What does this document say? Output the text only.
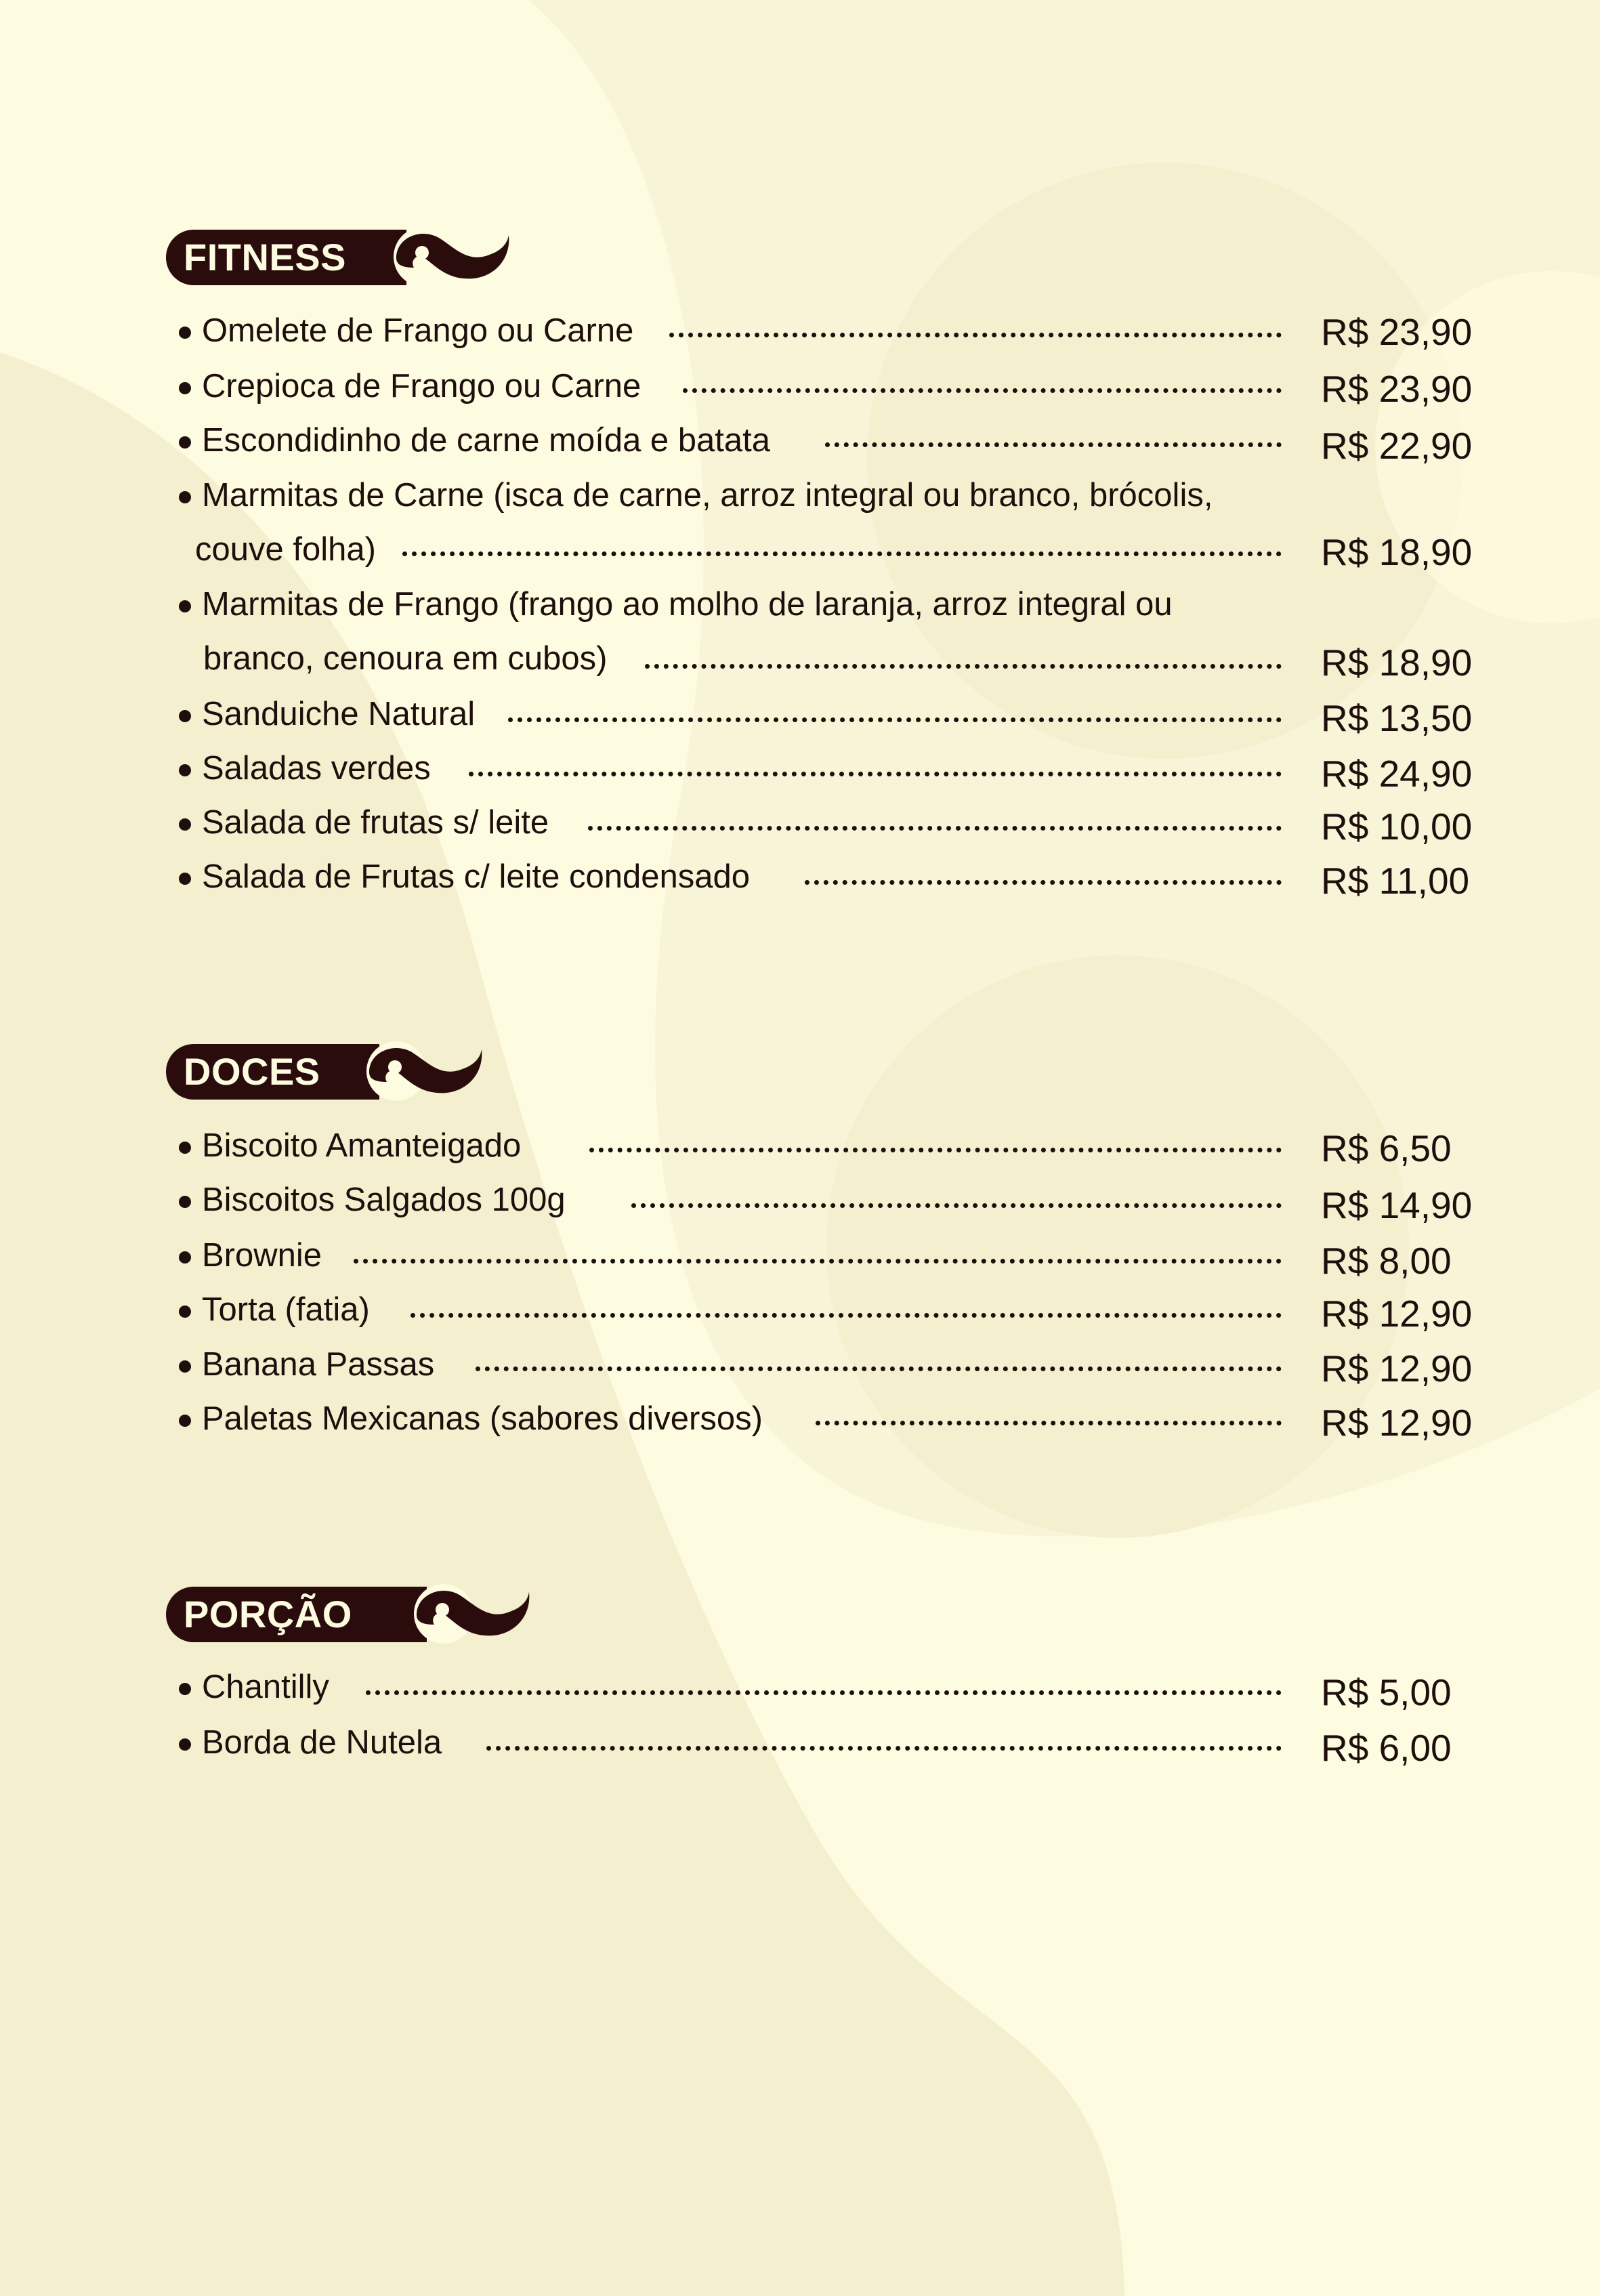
FITNESS
Omelete de Frango ou Carne	R$ 23,90
Crepioca de Frango ou Carne	R$ 23,90
Escondidinho de carne moída e batata	R$ 22,90
Marmitas de Carne (isca de carne, arroz integral ou branco, brócolis,
couve folha)	R$ 18,90
Marmitas de Frango (frango ao molho de laranja, arroz integral ou
branco, cenoura em cubos)	R$ 18,90
Sanduiche Natural	R$ 13,50
Saladas verdes	R$ 24,90
Salada de frutas s/ leite	R$ 10,00
Salada de Frutas c/ leite condensado	R$ 11,00
DOCES
Biscoito Amanteigado	R$ 6,50
Biscoitos Salgados 100g	R$ 14,90
Brownie	R$ 8,00
Torta (fatia)	R$ 12,90
Banana Passas	R$ 12,90
Paletas Mexicanas (sabores diversos)	R$ 12,90
PORÇÃO
Chantilly	R$ 5,00
Borda de Nutela	R$ 6,00
